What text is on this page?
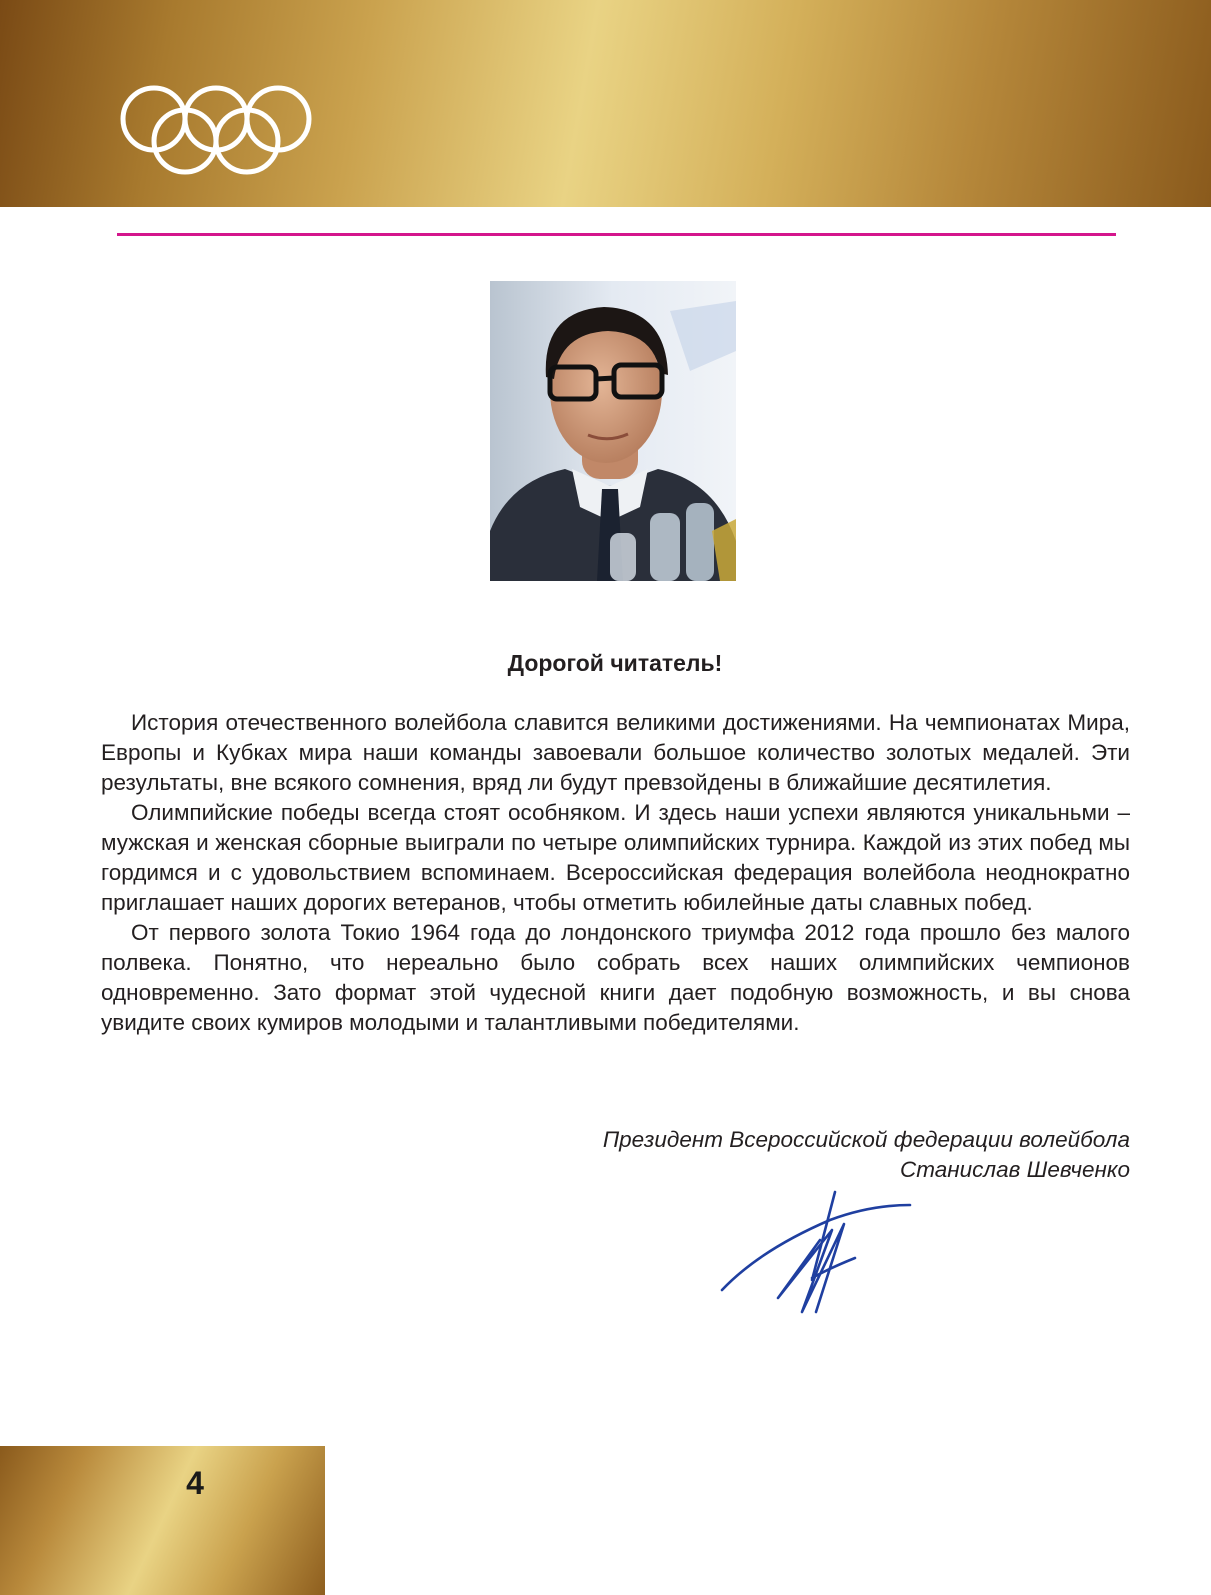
Дорогой читатель!

История отечественного волейбола славится великими достижениями. На чемпионатах Мира, Европы и Кубках мира наши команды завоевали большое количество золотых медалей. Эти результаты, вне всякого сомнения, вряд ли будут превзойдены в ближайшие десятилетия.

Олимпийские победы всегда стоят особняком. И здесь наши успехи являются уникальньми – мужская и женская сборные выиграли по четыре олимпийских турнира. Каждой из этих побед мы гордимся и с удовольствием вспоминаем. Всероссийская федерация волейбола неоднократно приглашает наших дорогих ветеранов, чтобы отметить юбилейные даты славных побед.

От первого золота Токио 1964 года до лондонского триумфа 2012 года прошло без малого полвека. Понятно, что нереально было собрать всех наших олимпийских чемпионов одновременно. Зато формат этой чудесной книги дает подобную возможность, и вы снова увидите своих кумиров молодыми и талантливыми победителями.

Президент Всероссийской федерации волейбола
Станислав Шевченко
4
